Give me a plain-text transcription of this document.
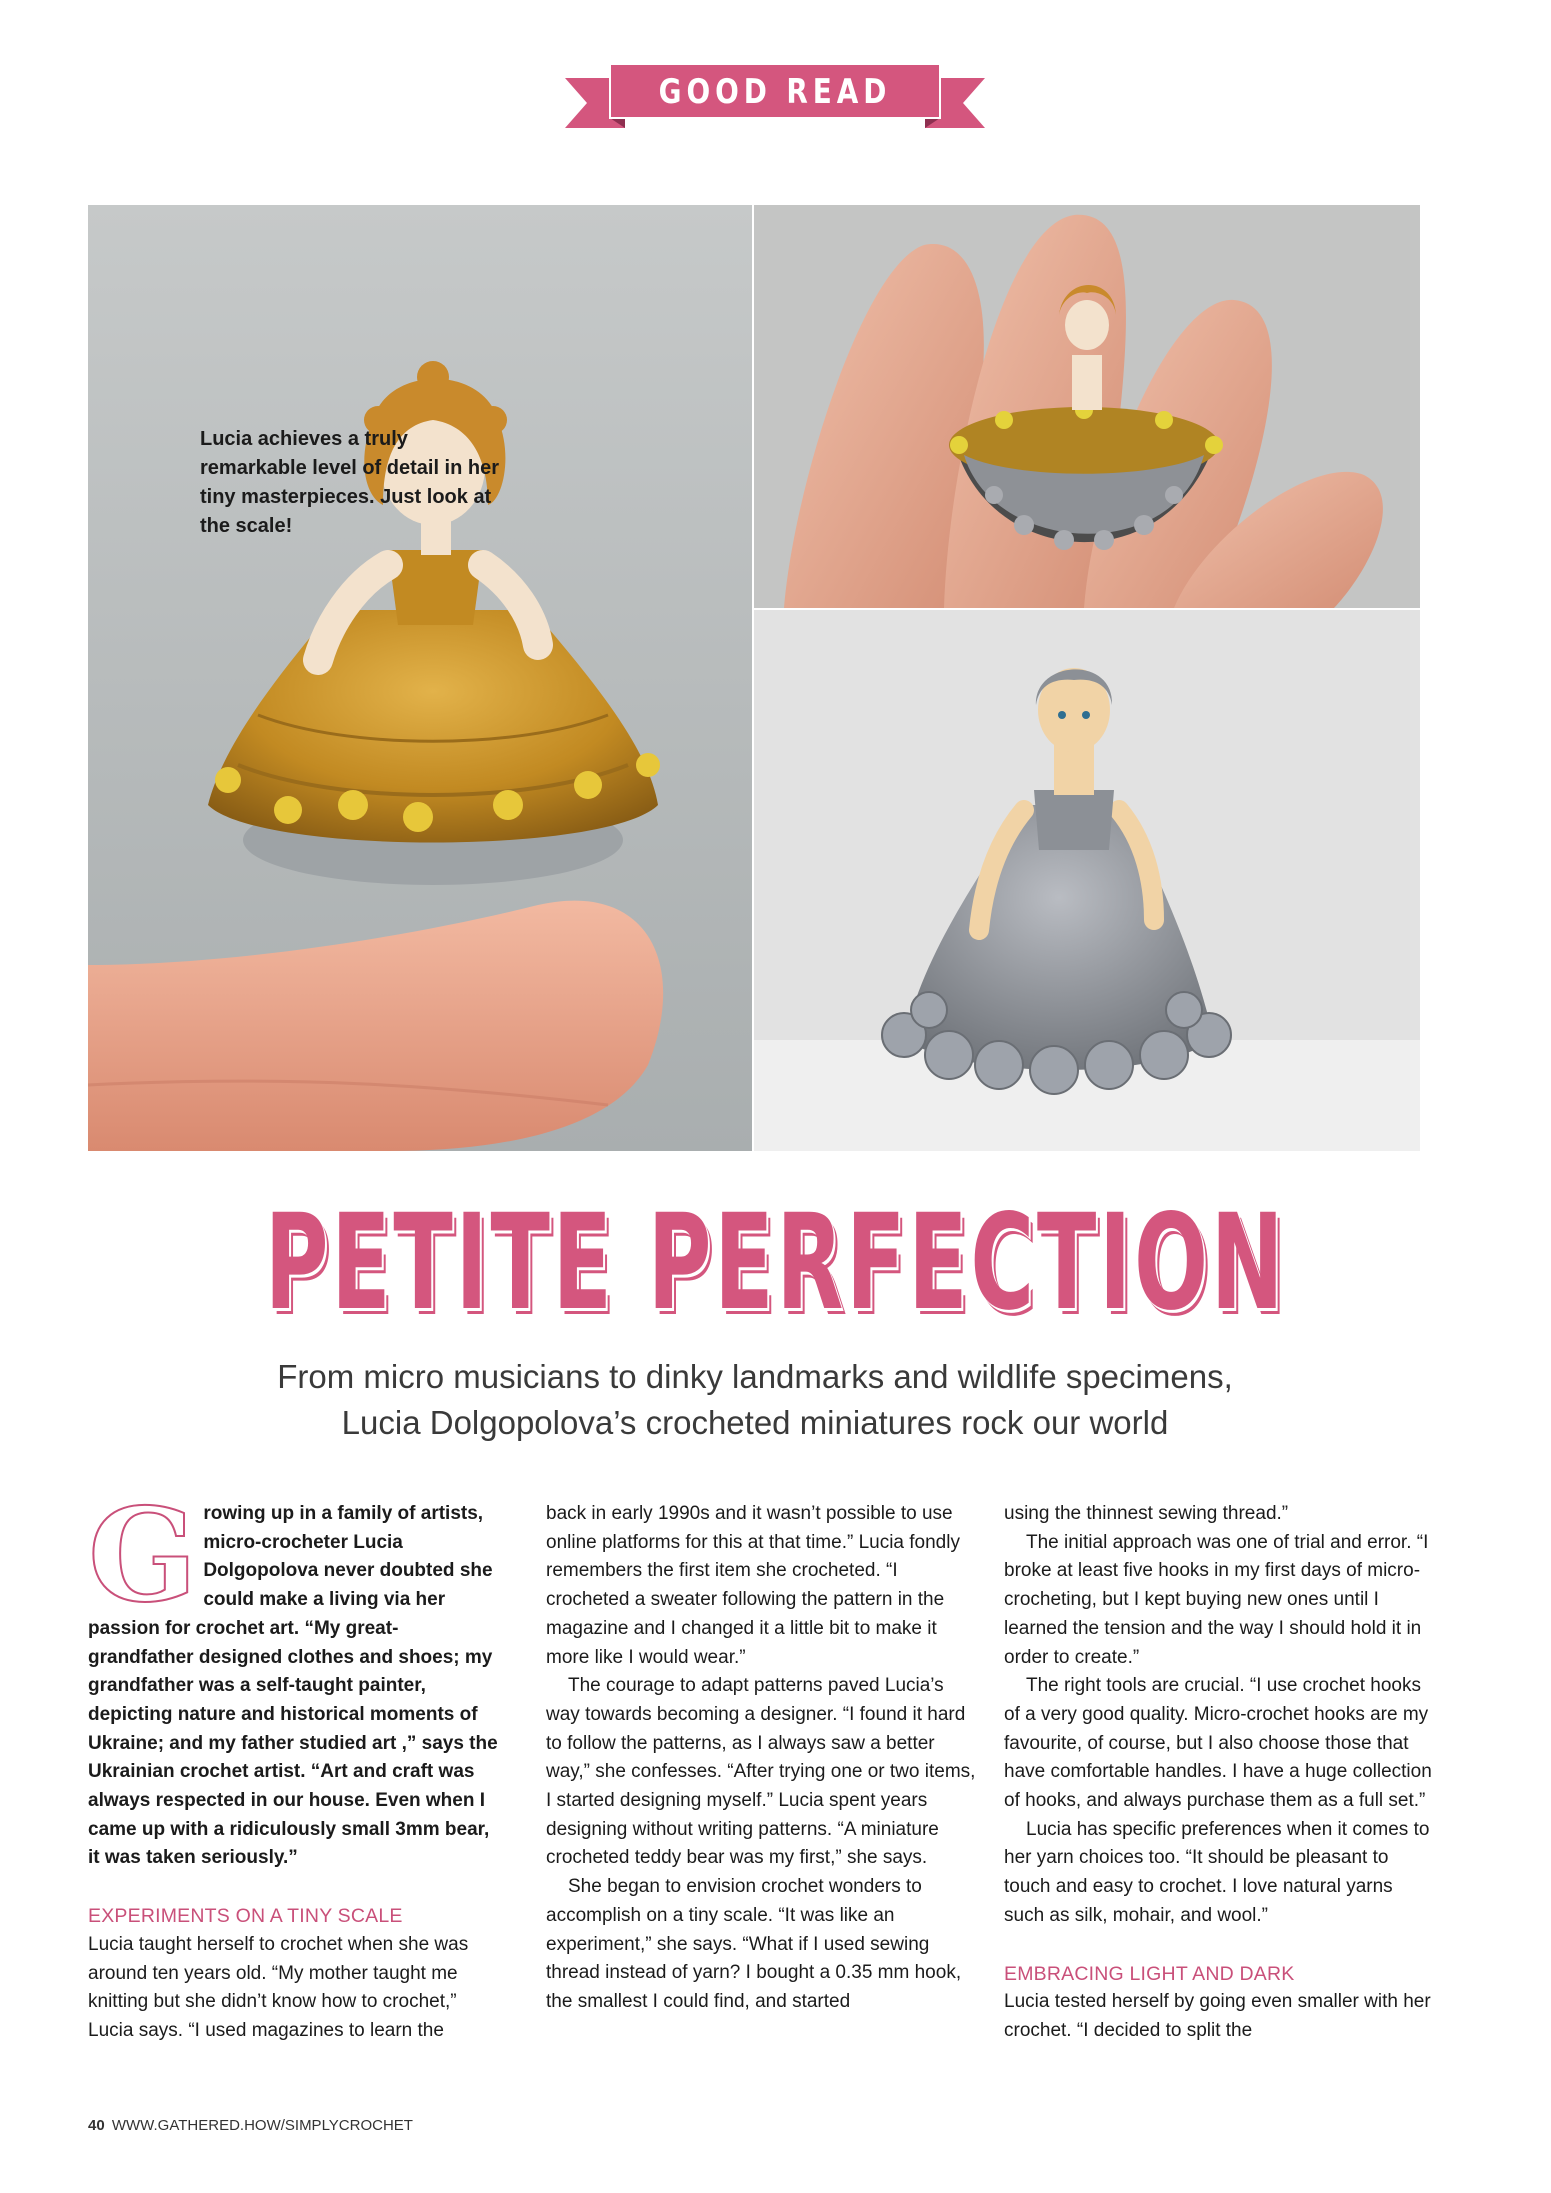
GOOD READ
Lucia achieves a truly remarkable level of detail in her tiny masterpieces. Just look at the scale!
PETITE PERFECTION
From micro musicians to dinky landmarks and wildlife specimens,
Lucia Dolgopolova’s crocheted miniatures rock our world

Growing up in a family of artists, micro-crocheter Lucia Dolgopolova never doubted she could make a living via her passion for crochet art. “My great-grandfather designed clothes and shoes; my grandfather was a self-taught painter, depicting nature and historical moments of Ukraine; and my father studied art ,” says the Ukrainian crochet artist. “Art and craft was always respected in our house. Even when I came up with a ridiculously small 3mm bear, it was taken seriously.”

EXPERIMENTS ON A TINY SCALE

Lucia taught herself to crochet when she was around ten years old. “My mother taught me knitting but she didn’t know how to crochet,” Lucia says. “I used magazines to learn the

back in early 1990s and it wasn’t possible to use online platforms for this at that time.” Lucia fondly remembers the first item she crocheted. “I crocheted a sweater following the pattern in the magazine and I changed it a little bit to make it more like I would wear.”

The courage to adapt patterns paved Lucia’s way towards becoming a designer. “I found it hard to follow the patterns, as I always saw a better way,” she confesses. “After trying one or two items, I started designing myself.” Lucia spent years designing without writing patterns. “A miniature crocheted teddy bear was my first,” she says.

She began to envision crochet wonders to accomplish on a tiny scale. “It was like an experiment,” she says. “What if I used sewing thread instead of yarn? I bought a 0.35 mm hook, the smallest I could find, and started

using the thinnest sewing thread.”

The initial approach was one of trial and error. “I broke at least five hooks in my first days of micro-crocheting, but I kept buying new ones until I learned the tension and the way I should hold it in order to create.”

The right tools are crucial. “I use crochet hooks of a very good quality. Micro-crochet hooks are my favourite, of course, but I also choose those that have comfortable handles. I have a huge collection of hooks, and always purchase them as a full set.”

Lucia has specific preferences when it comes to her yarn choices too. “It should be pleasant to touch and easy to crochet. I love natural yarns such as silk, mohair, and wool.”

EMBRACING LIGHT AND DARK

Lucia tested herself by going even smaller with her crochet. “I decided to split the

40 WWW.GATHERED.HOW/SIMPLYCROCHET
